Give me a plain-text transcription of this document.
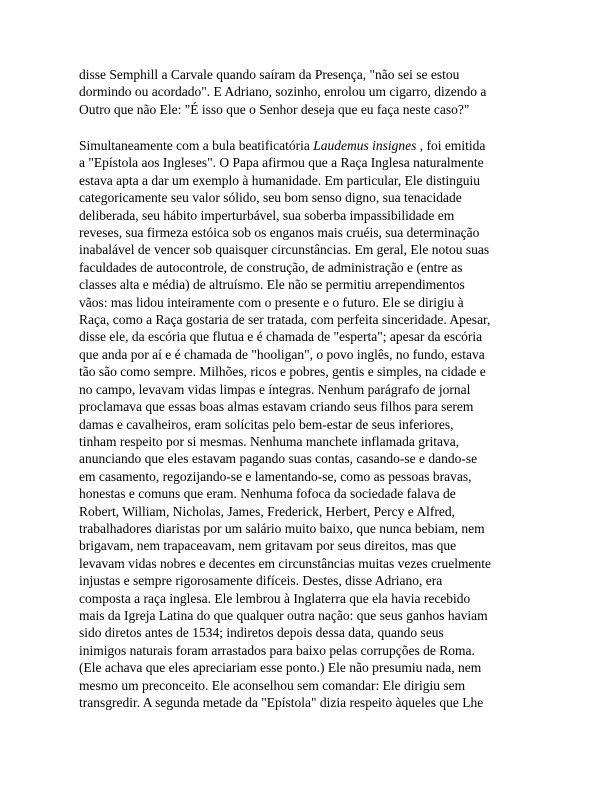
disse Semphill a Carvale quando saíram da Presença, "não sei se estou
dormindo ou acordado". E Adriano, sozinho, enrolou um cigarro, dizendo a
Outro que não Ele: "É isso que o Senhor deseja que eu faça neste caso?"
Simultaneamente com a bula beatificatória Laudemus insignes , foi emitida
a "Epístola aos Ingleses". O Papa afirmou que a Raça Inglesa naturalmente
estava apta a dar um exemplo à humanidade. Em particular, Ele distinguiu
categoricamente seu valor sólido, seu bom senso digno, sua tenacidade
deliberada, seu hábito imperturbável, sua soberba impassibilidade em
reveses, sua firmeza estóica sob os enganos mais cruéis, sua determinação
inabalável de vencer sob quaisquer circunstâncias. Em geral, Ele notou suas
faculdades de autocontrole, de construção, de administração e (entre as
classes alta e média) de altruísmo. Ele não se permitiu arrependimentos
vãos: mas lidou inteiramente com o presente e o futuro. Ele se dirigiu à
Raça, como a Raça gostaria de ser tratada, com perfeita sinceridade. Apesar,
disse ele, da escória que flutua e é chamada de "esperta"; apesar da escória
que anda por aí e é chamada de "hooligan", o povo inglês, no fundo, estava
tão são como sempre. Milhões, ricos e pobres, gentis e simples, na cidade e
no campo, levavam vidas limpas e íntegras. Nenhum parágrafo de jornal
proclamava que essas boas almas estavam criando seus filhos para serem
damas e cavalheiros, eram solícitas pelo bem-estar de seus inferiores,
tinham respeito por si mesmas. Nenhuma manchete inflamada gritava,
anunciando que eles estavam pagando suas contas, casando-se e dando-se
em casamento, regozijando-se e lamentando-se, como as pessoas bravas,
honestas e comuns que eram. Nenhuma fofoca da sociedade falava de
Robert, William, Nicholas, James, Frederick, Herbert, Percy e Alfred,
trabalhadores diaristas por um salário muito baixo, que nunca bebiam, nem
brigavam, nem trapaceavam, nem gritavam por seus direitos, mas que
levavam vidas nobres e decentes em circunstâncias muitas vezes cruelmente
injustas e sempre rigorosamente difíceis. Destes, disse Adriano, era
composta a raça inglesa. Ele lembrou à Inglaterra que ela havia recebido
mais da Igreja Latina do que qualquer outra nação: que seus ganhos haviam
sido diretos antes de 1534; indiretos depois dessa data, quando seus
inimigos naturais foram arrastados para baixo pelas corrupções de Roma.
(Ele achava que eles apreciariam esse ponto.) Ele não presumiu nada, nem
mesmo um preconceito. Ele aconselhou sem comandar: Ele dirigiu sem
transgredir. A segunda metade da "Epístola" dizia respeito àqueles que Lhe
